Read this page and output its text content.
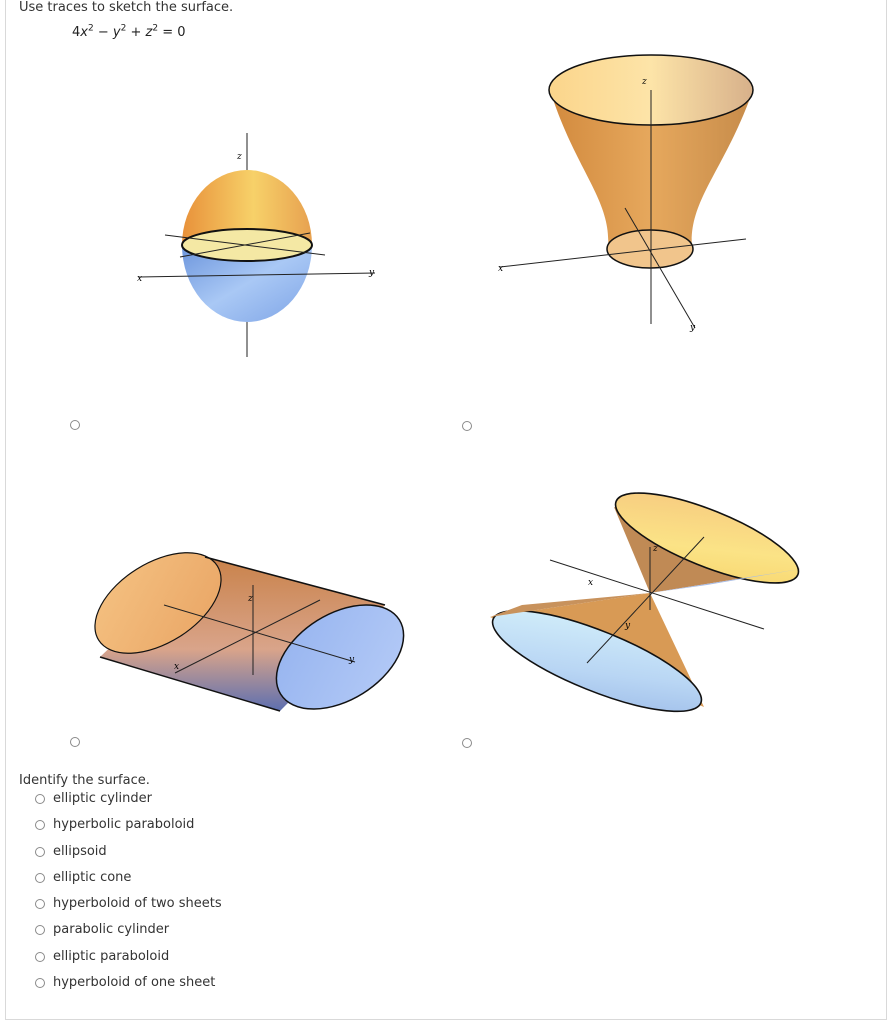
Use traces to sketch the surface.
$4x^2 - y^2 + z^2 = 0$
z
x
y
z
x
y
z
x
y
z
x
y
Identify the surface.
elliptic cylinder
hyperbolic paraboloid
ellipsoid
elliptic cone
hyperboloid of two sheets
parabolic cylinder
elliptic paraboloid
hyperboloid of one sheet
